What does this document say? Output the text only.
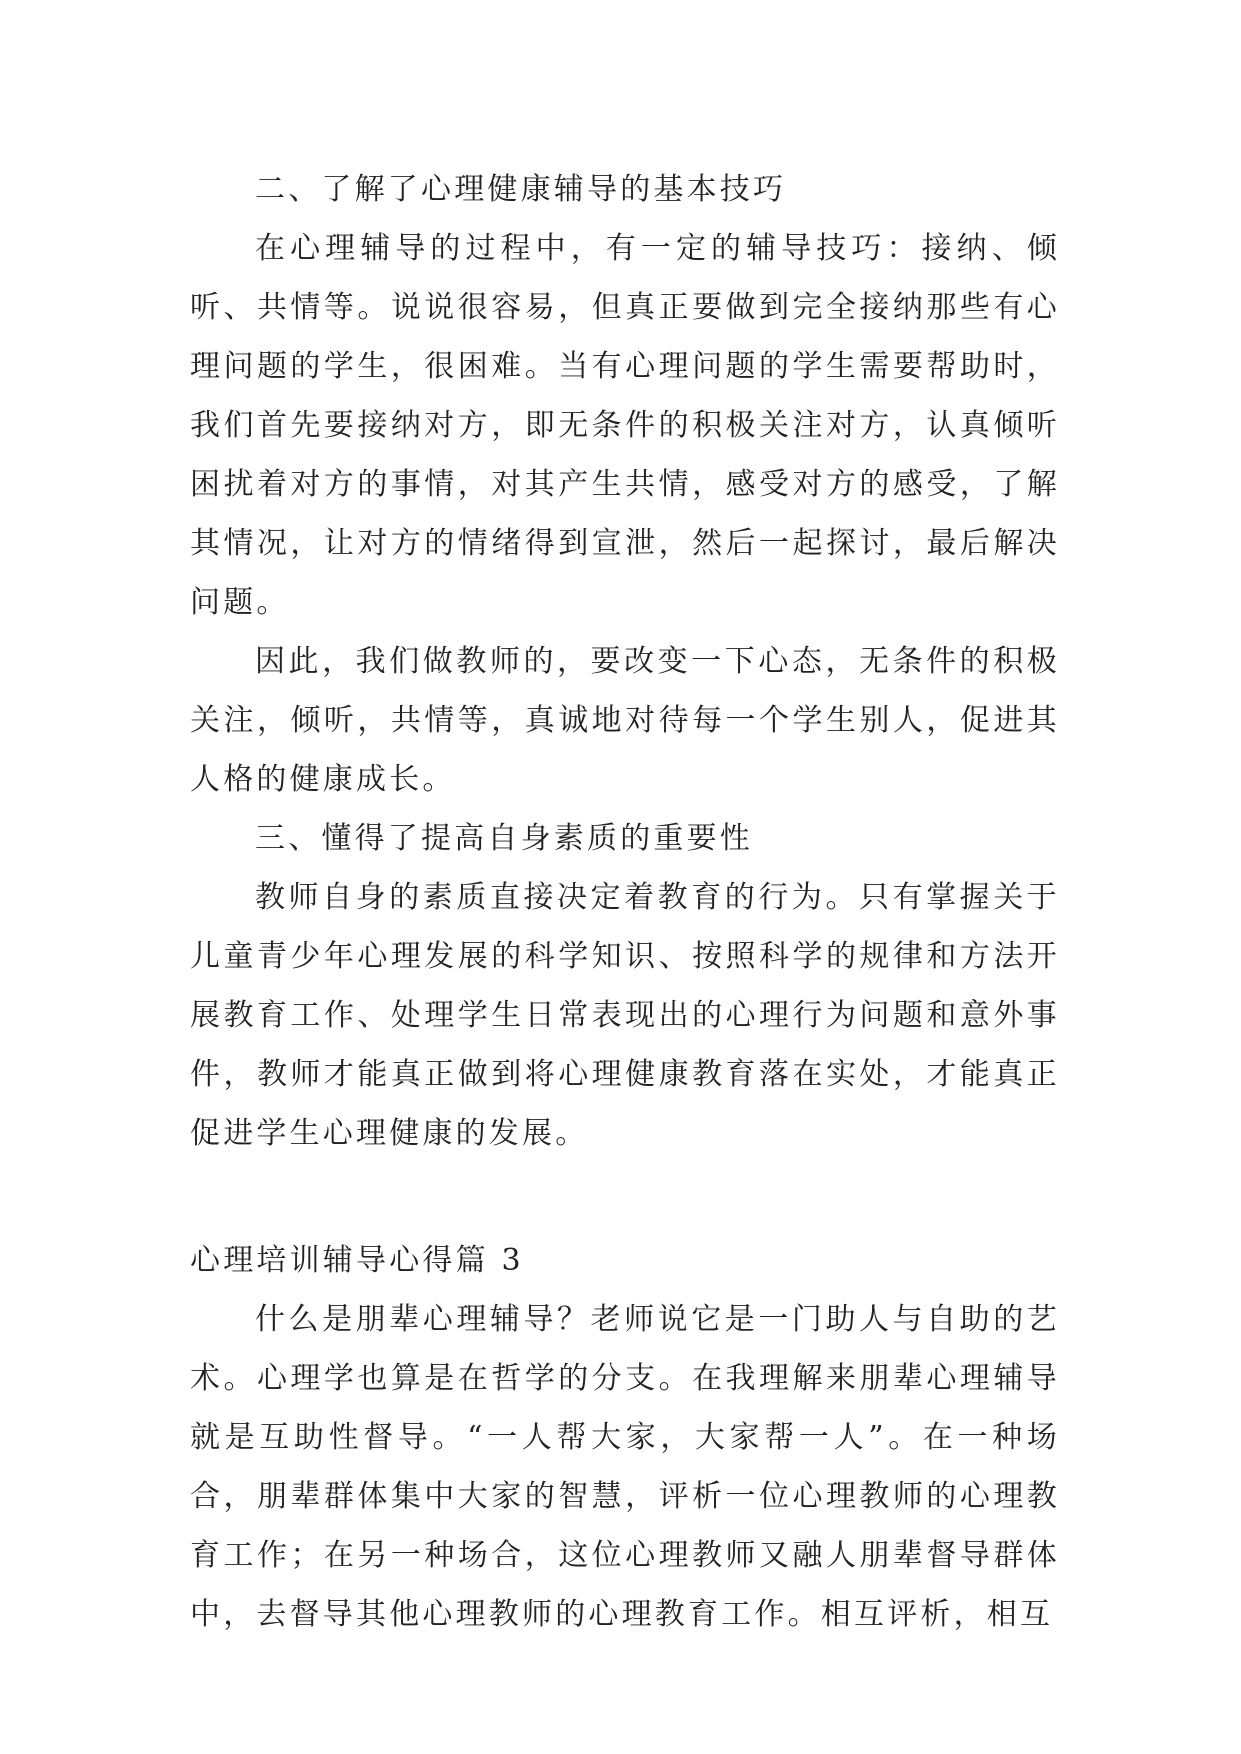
二、了解了心理健康辅导的基本技巧

在心理辅导的过程中，有一定的辅导技巧：接纳、倾听、共情等。说说很容易，但真正要做到完全接纳那些有心理问题的学生，很困难。当有心理问题的学生需要帮助时，我们首先要接纳对方，即无条件的积极关注对方，认真倾听困扰着对方的事情，对其产生共情，感受对方的感受，了解其情况，让对方的情绪得到宣泄，然后一起探讨，最后解决问题。

因此，我们做教师的，要改变一下心态，无条件的积极关注，倾听，共情等，真诚地对待每一个学生别人，促进其人格的健康成长。

三、懂得了提高自身素质的重要性

教师自身的素质直接决定着教育的行为。只有掌握关于儿童青少年心理发展的科学知识、按照科学的规律和方法开展教育工作、处理学生日常表现出的心理行为问题和意外事件，教师才能真正做到将心理健康教育落在实处，才能真正促进学生心理健康的发展。

心理培训辅导心得篇 3

什么是朋辈心理辅导？老师说它是一门助人与自助的艺术。心理学也算是在哲学的分支。在我理解来朋辈心理辅导就是互助性督导。“一人帮大家，大家帮一人”。在一种场合，朋辈群体集中大家的智慧，评析一位心理教师的心理教育工作；在另一种场合，这位心理教师又融人朋辈督导群体中，去督导其他心理教师的心理教育工作。相互评析，相互
